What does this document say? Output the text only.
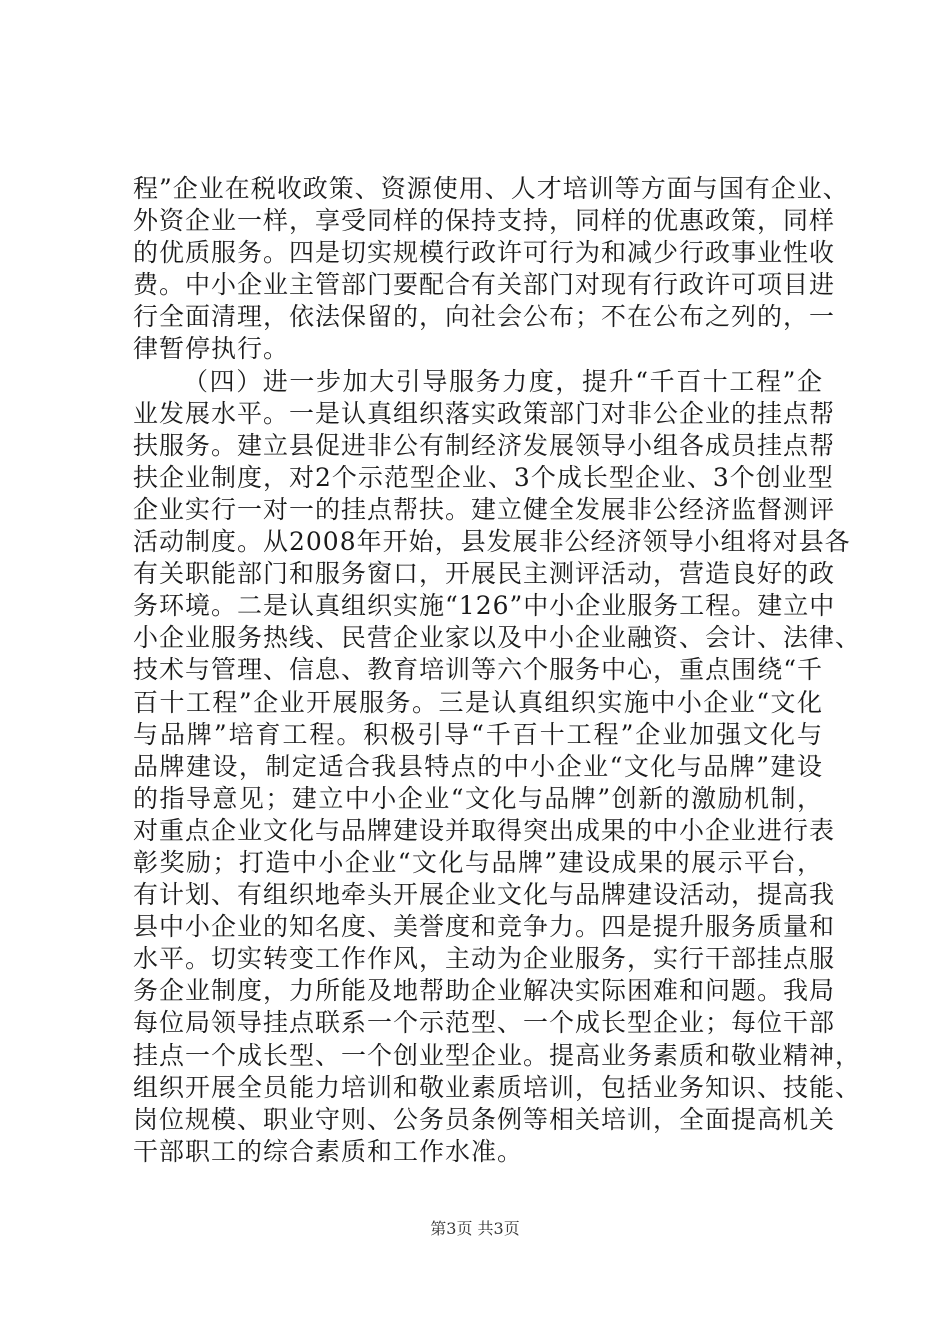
程”企业在税收政策、资源使用、人才培训等方面与国有企业、
外资企业一样，享受同样的保持支持，同样的优惠政策，同样
的优质服务。四是切实规模行政许可行为和减少行政事业性收
费。中小企业主管部门要配合有关部门对现有行政许可项目进
行全面清理，依法保留的，向社会公布；不在公布之列的，一
律暂停执行。
（四）进一步加大引导服务力度，提升“千百十工程”企
业发展水平。一是认真组织落实政策部门对非公企业的挂点帮
扶服务。建立县促进非公有制经济发展领导小组各成员挂点帮
扶企业制度，对2个示范型企业、3个成长型企业、3个创业型
企业实行一对一的挂点帮扶。建立健全发展非公经济监督测评
活动制度。从2008年开始，县发展非公经济领导小组将对县各
有关职能部门和服务窗口，开展民主测评活动，营造良好的政
务环境。二是认真组织实施“126”中小企业服务工程。建立中
小企业服务热线、民营企业家以及中小企业融资、会计、法律、
技术与管理、信息、教育培训等六个服务中心，重点围绕“千
百十工程”企业开展服务。三是认真组织实施中小企业“文化
与品牌”培育工程。积极引导“千百十工程”企业加强文化与
品牌建设，制定适合我县特点的中小企业“文化与品牌”建设
的指导意见；建立中小企业“文化与品牌”创新的激励机制，
对重点企业文化与品牌建设并取得突出成果的中小企业进行表
彰奖励；打造中小企业“文化与品牌”建设成果的展示平台，
有计划、有组织地牵头开展企业文化与品牌建设活动，提高我
县中小企业的知名度、美誉度和竞争力。四是提升服务质量和
水平。切实转变工作作风，主动为企业服务，实行干部挂点服
务企业制度，力所能及地帮助企业解决实际困难和问题。我局
每位局领导挂点联系一个示范型、一个成长型企业；每位干部
挂点一个成长型、一个创业型企业。提高业务素质和敬业精神，
组织开展全员能力培训和敬业素质培训，包括业务知识、技能、
岗位规模、职业守则、公务员条例等相关培训，全面提高机关
干部职工的综合素质和工作水准。
第3页 共3页
